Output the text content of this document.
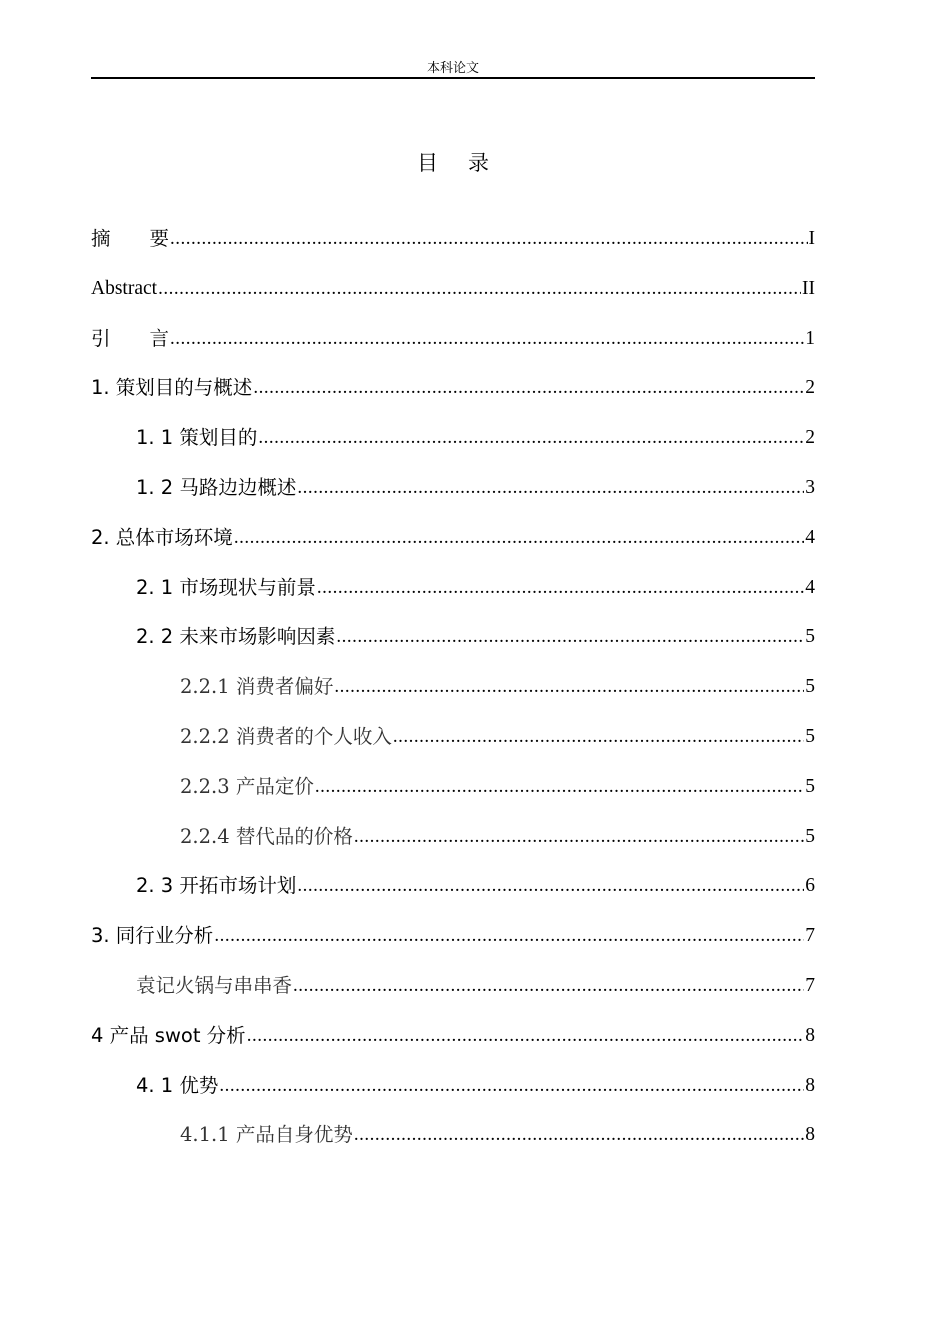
本科论文
目 录
摘　　要 .....	I
Abstract .....	II
引　　言 .....	1
1. 策划目的与概述 .....	2
1. 1 策划目的 .....	2
1. 2 马路边边概述 .....	3
2. 总体市场环境 .....	4
2. 1 市场现状与前景 .....	4
2. 2 未来市场影响因素 .....	5
2.2.1 消费者偏好 .....	5
2.2.2 消费者的个人收入 .....	5
2.2.3 产品定价 .....	5
2.2.4 替代品的价格 .....	5
2. 3 开拓市场计划 .....	6
3. 同行业分析 .....	7
袁记火锅与串串香 .....	7
4 产品 swot 分析 .....	8
4. 1 优势 .....	8
4.1.1 产品自身优势 .....	8
